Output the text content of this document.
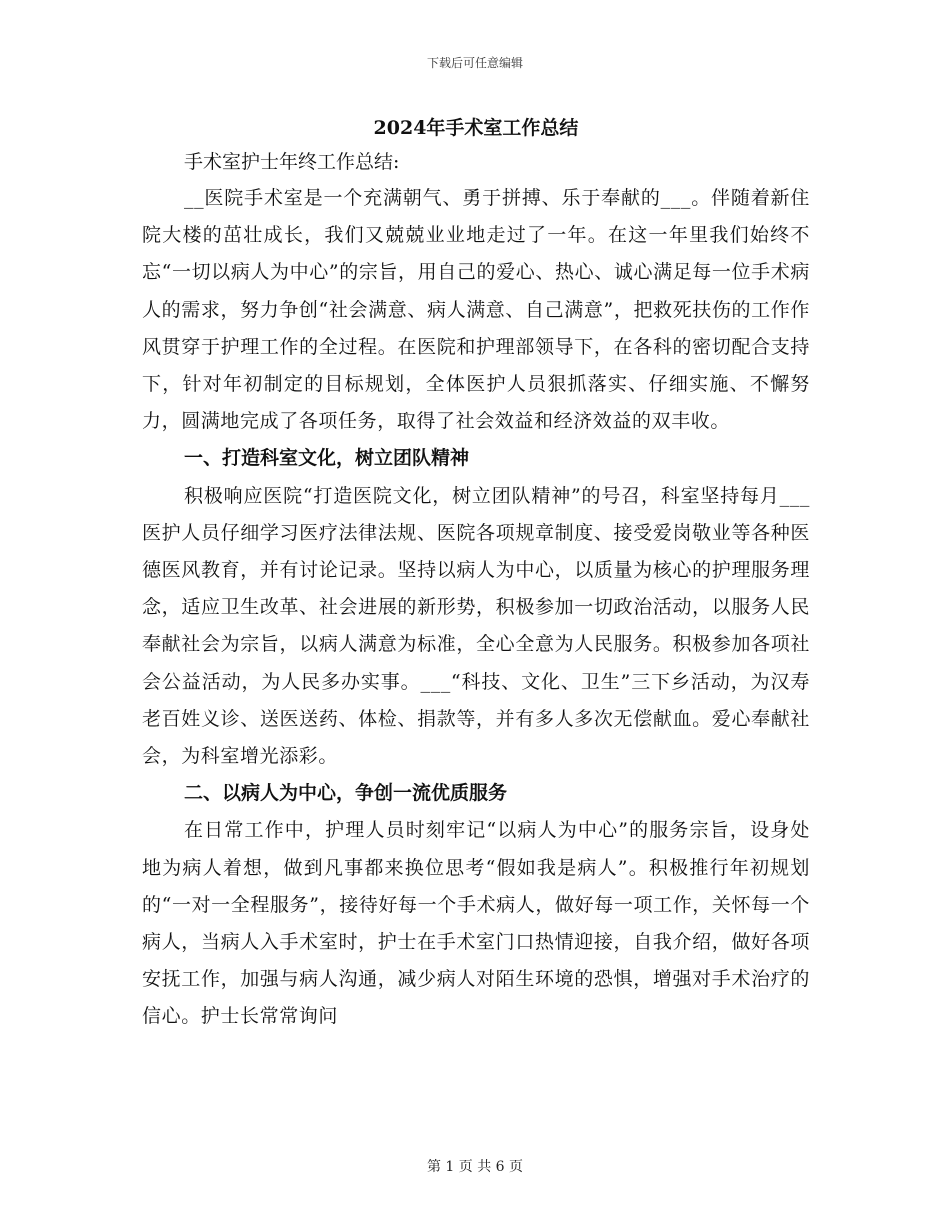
下载后可任意编辑
2024年手术室工作总结

手术室护士年终工作总结:

__医院手术室是一个充满朝气、勇于拼搏、乐于奉献的___。伴随着新住院大楼的茁壮成长，我们又兢兢业业地走过了一年。在这一年里我们始终不忘“一切以病人为中心”的宗旨，用自己的爱心、热心、诚心满足每一位手术病人的需求，努力争创“社会满意、病人满意、自己满意”，把救死扶伤的工作作风贯穿于护理工作的全过程。在医院和护理部领导下，在各科的密切配合支持下，针对年初制定的目标规划，全体医护人员狠抓落实、仔细实施、不懈努力，圆满地完成了各项任务，取得了社会效益和经济效益的双丰收。

一、打造科室文化，树立团队精神

积极响应医院“打造医院文化，树立团队精神”的号召，科室坚持每月___医护人员仔细学习医疗法律法规、医院各项规章制度、接受爱岗敬业等各种医德医风教育，并有讨论记录。坚持以病人为中心，以质量为核心的护理服务理念，适应卫生改革、社会进展的新形势，积极参加一切政治活动，以服务人民奉献社会为宗旨，以病人满意为标准，全心全意为人民服务。积极参加各项社会公益活动，为人民多办实事。___“科技、文化、卫生”三下乡活动，为汉寿老百姓义诊、送医送药、体检、捐款等，并有多人多次无偿献血。爱心奉献社会，为科室增光添彩。

二、以病人为中心，争创一流优质服务

在日常工作中，护理人员时刻牢记“以病人为中心”的服务宗旨，设身处地为病人着想，做到凡事都来换位思考“假如我是病人”。积极推行年初规划的“一对一全程服务”，接待好每一个手术病人，做好每一项工作，关怀每一个病人，当病人入手术室时，护士在手术室门口热情迎接，自我介绍，做好各项安抚工作，加强与病人沟通，减少病人对陌生环境的恐惧，增强对手术治疗的信心。护士长常常询问

第 1 页 共 6 页
